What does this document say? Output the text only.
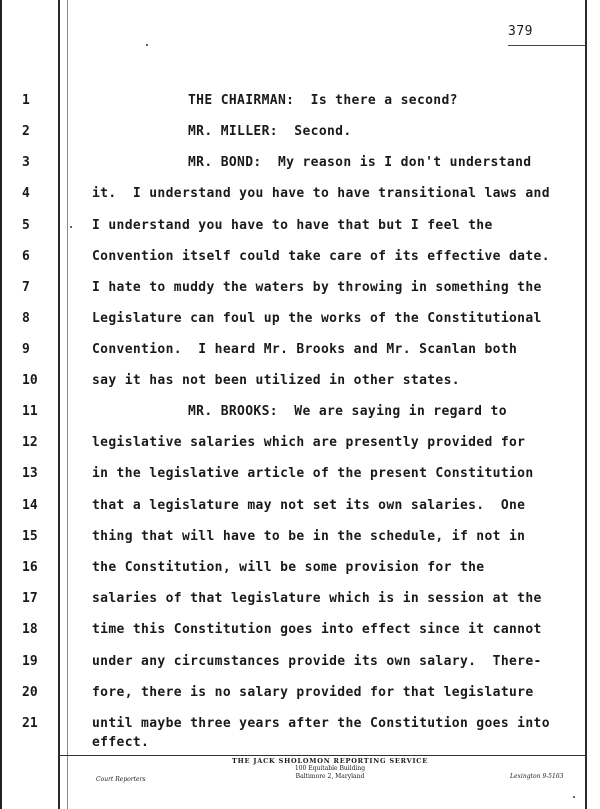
379
1
2
3
4
5
6
7
8
9
10
11
12
13
14
15
16
17
18
19
20
21
THE CHAIRMAN:  Is there a second?
MR. MILLER:  Second.
MR. BOND:  My reason is I don't understand
it.  I understand you have to have transitional laws and
I understand you have to have that but I feel the
Convention itself could take care of its effective date.
I hate to muddy the waters by throwing in something the
Legislature can foul up the works of the Constitutional
Convention.  I heard Mr. Brooks and Mr. Scanlan both
say it has not been utilized in other states.
MR. BROOKS:  We are saying in regard to
legislative salaries which are presently provided for
in the legislative article of the present Constitution
that a legislature may not set its own salaries.  One
thing that will have to be in the schedule, if not in
the Constitution, will be some provision for the
salaries of that legislature which is in session at the
time this Constitution goes into effect since it cannot
under any circumstances provide its own salary.  There-
fore, there is no salary provided for that legislature
until maybe three years after the Constitution goes into
effect.
THE JACK SHOLOMON REPORTING SERVICE
100 Equitable Building
Baltimore 2, Maryland
Court Reporters	Lexington 9-5163
